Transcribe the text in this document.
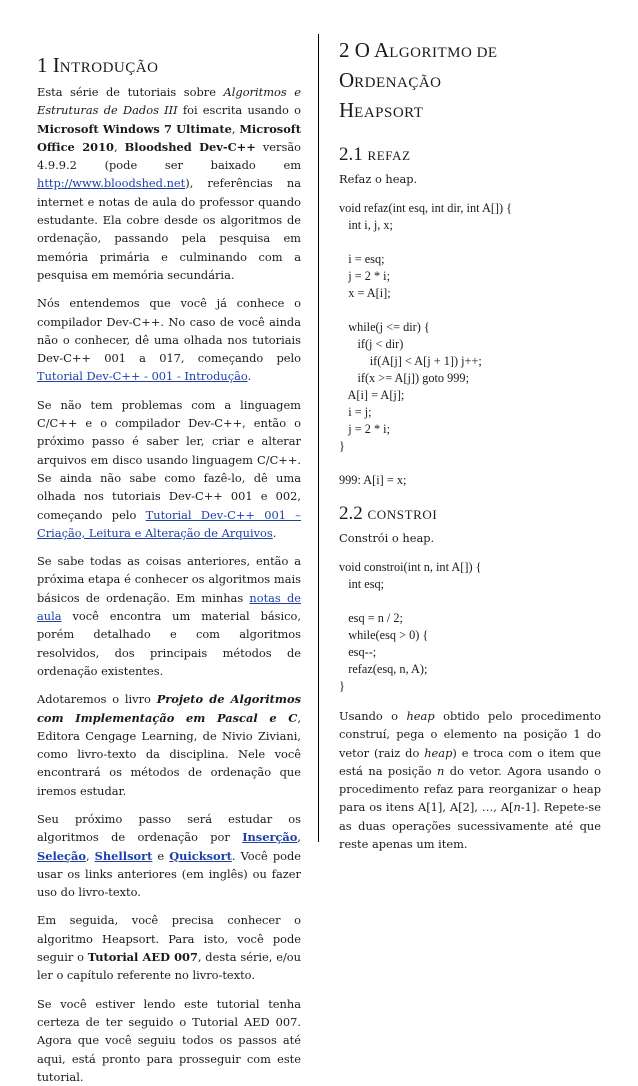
1 INTRODUÇÃO

Esta série de tutoriais sobre Algoritmos e Estruturas de Dados III foi escrita usando o Microsoft Windows 7 Ultimate, Microsoft Office 2010, Bloodshed Dev-C++ versão 4.9.9.2 (pode ser baixado em http://www.bloodshed.net), referências na internet e notas de aula do professor quando estudante. Ela cobre desde os algoritmos de ordenação, passando pela pesquisa em memória primária e culminando com a pesquisa em memória secundária.

Nós entendemos que você já conhece o compilador Dev-C++. No caso de você ainda não o conhecer, dê uma olhada nos tutoriais Dev-C++ 001 a 017, começando pelo Tutorial Dev-C++ - 001 - Introdução.

Se não tem problemas com a linguagem C/C++ e o compilador Dev-C++, então o próximo passo é saber ler, criar e alterar arquivos em disco usando linguagem C/C++. Se ainda não sabe como fazê-lo, dê uma olhada nos tutoriais Dev-C++ 001 e 002, começando pelo Tutorial Dev-C++ 001 – Criação, Leitura e Alteração de Arquivos.

Se sabe todas as coisas anteriores, então a próxima etapa é conhecer os algoritmos mais básicos de ordenação. Em minhas notas de aula você encontra um material básico, porém detalhado e com algoritmos resolvidos, dos principais métodos de ordenação existentes.

Adotaremos o livro Projeto de Algoritmos com Implementação em Pascal e C, Editora Cengage Learning, de Nivio Ziviani, como livro-texto da disciplina. Nele você encontrará os métodos de ordenação que iremos estudar.

Seu próximo passo será estudar os algoritmos de ordenação por Inserção, Seleção, Shellsort e Quicksort. Você pode usar os links anteriores (em inglês) ou fazer uso do livro-texto.

Em seguida, você precisa conhecer o algoritmo Heapsort. Para isto, você pode seguir o Tutorial AED 007, desta série, e/ou ler o capítulo referente no livro-texto.

Se você estiver lendo este tutorial tenha certeza de ter seguido o Tutorial AED 007. Agora que você seguiu todos os passos até aqui, está pronto para prosseguir com este tutorial.

2 O ALGORITMO DE ORDENAÇÃO
HEAPSORT
2.1 REFAZ

Refaz o heap.

void refaz(int esq, int dir, int A[]) {
int i, j, x;

i = esq;
j = 2 * i;
x = A[i];

while(j <= dir) {
if(j < dir)
if(A[j] < A[j + 1]) j++;
if(x >= A[j]) goto 999;
A[i] = A[j];
i = j;
j = 2 * i;
}

999: A[i] = x;
2.2 CONSTROI

Constrói o heap.

void constroi(int n, int A[]) {
int esq;

esq = n / 2;
while(esq > 0) {
esq--;
refaz(esq, n, A);
}

Usando o heap obtido pelo procedimento construí, pega o elemento na posição 1 do vetor (raiz do heap) e troca com o item que está na posição n do vetor. Agora usando o procedimento refaz para reorganizar o heap para os itens A[1], A[2], …, A[n-1]. Repete-se as duas operações sucessivamente até que reste apenas um item.
